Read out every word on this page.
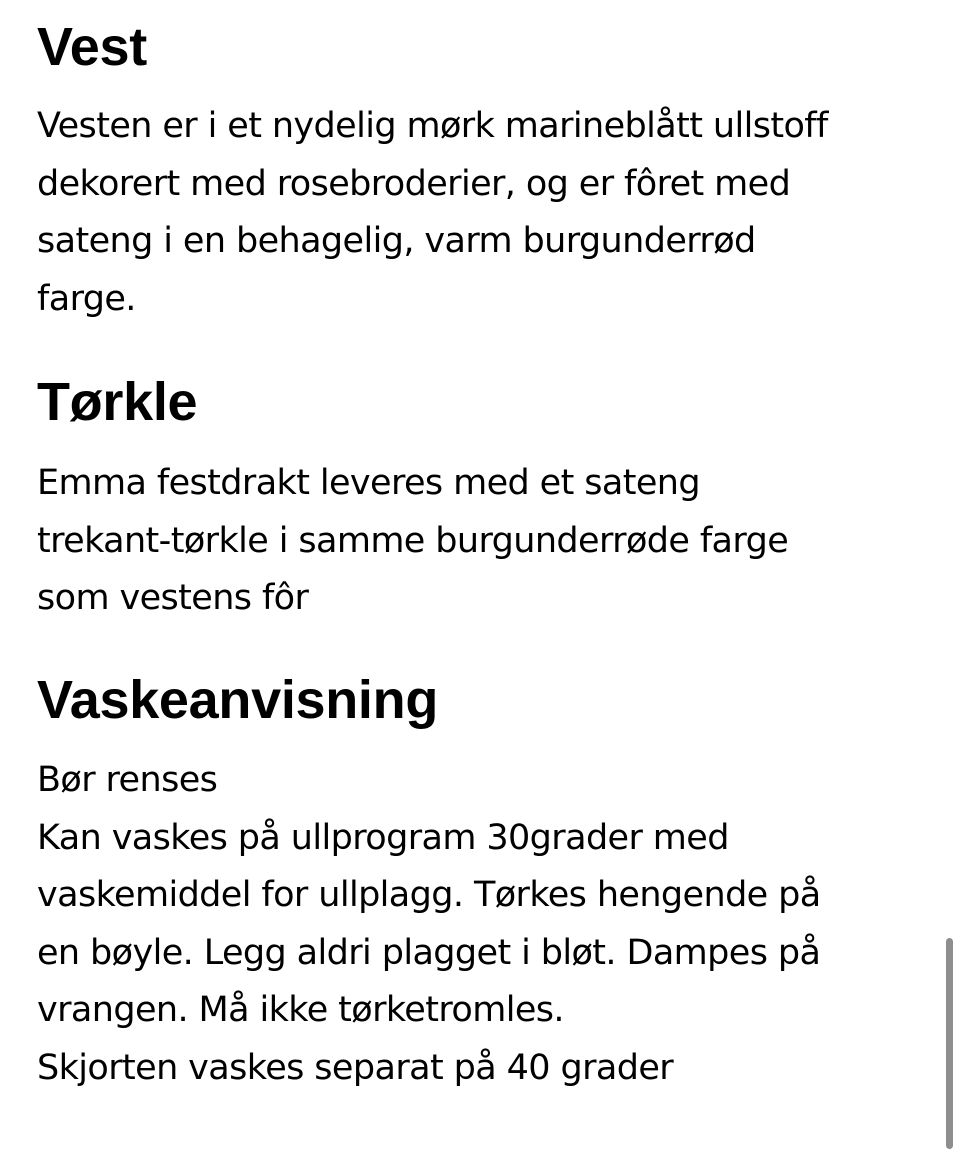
Vest

Vesten er i et nydelig mørk marineblått ullstoff
dekorert med rosebroderier, og er fôret med
sateng i en behagelig, varm burgunderrød
farge.

Tørkle

Emma festdrakt leveres med et sateng
trekant-tørkle i samme burgunderrøde farge
som vestens fôr

Vaskeanvisning

Bør renses
Kan vaskes på ullprogram 30grader med
vaskemiddel for ullplagg. Tørkes hengende på
en bøyle. Legg aldri plagget i bløt. Dampes på
vrangen. Må ikke tørketromles.
Skjorten vaskes separat på 40 grader
